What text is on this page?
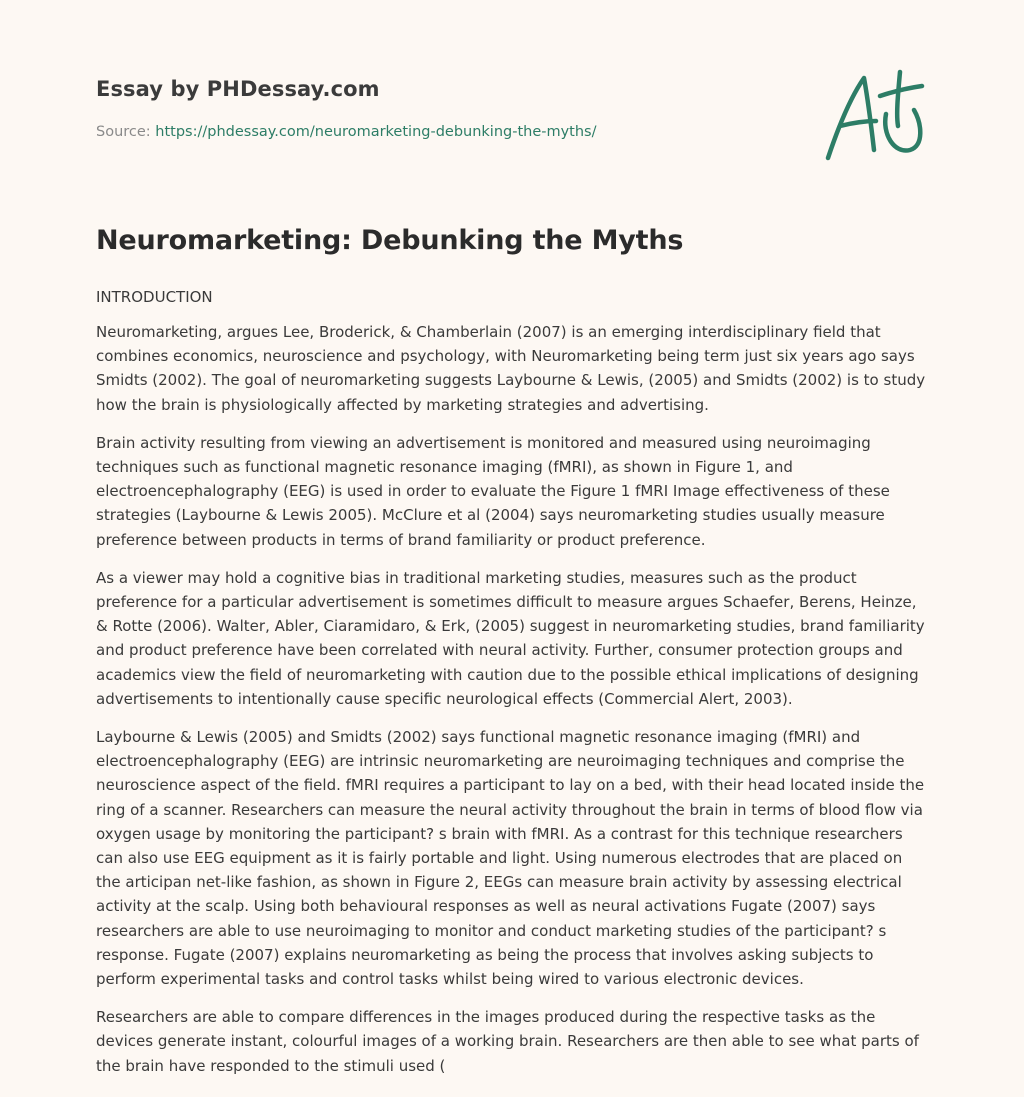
Essay by PHDessay.com
Source: https://phdessay.com/neuromarketing-debunking-the-myths/
Neuromarketing: Debunking the Myths
INTRODUCTION

Neuromarketing, argues Lee, Broderick, & Chamberlain (2007) is an emerging interdisciplinary field that combines economics, neuroscience and psychology, with Neuromarketing being term just six years ago says Smidts (2002). The goal of neuromarketing suggests Laybourne & Lewis, (2005) and Smidts (2002) is to study how the brain is physiologically affected by marketing strategies and advertising.

Brain activity resulting from viewing an advertisement is monitored and measured using neuroimaging techniques such as functional magnetic resonance imaging (fMRI), as shown in Figure 1, and electroencephalography (EEG) is used in order to evaluate the Figure 1 fMRI Image effectiveness of these strategies (Laybourne & Lewis 2005). McClure et al (2004) says neuromarketing studies usually measure preference between products in terms of brand familiarity or product preference.

As a viewer may hold a cognitive bias in traditional marketing studies, measures such as the product preference for a particular advertisement is sometimes difficult to measure argues Schaefer, Berens, Heinze, & Rotte (2006). Walter, Abler, Ciaramidaro, & Erk, (2005) suggest in neuromarketing studies, brand familiarity and product preference have been correlated with neural activity. Further, consumer protection groups and academics view the field of neuromarketing with caution due to the possible ethical implications of designing advertisements to intentionally cause specific neurological effects (Commercial Alert, 2003).

Laybourne & Lewis (2005) and Smidts (2002) says functional magnetic resonance imaging (fMRI) and electroencephalography (EEG) are intrinsic neuromarketing are neuroimaging techniques and comprise the neuroscience aspect of the field. fMRI requires a participant to lay on a bed, with their head located inside the ring of a scanner. Researchers can measure the neural activity throughout the brain in terms of blood flow via oxygen usage by monitoring the participant? s brain with fMRI. As a contrast for this technique researchers can also use EEG equipment as it is fairly portable and light. Using numerous electrodes that are placed on the articipan net-like fashion, as shown in Figure 2, EEGs can measure brain activity by assessing electrical activity at the scalp. Using both behavioural responses as well as neural activations Fugate (2007) says researchers are able to use neuroimaging to monitor and conduct marketing studies of the participant? s response. Fugate (2007) explains neuromarketing as being the process that involves asking subjects to perform experimental tasks and control tasks whilst being wired to various electronic devices.

Researchers are able to compare differences in the images produced during the respective tasks as the devices generate instant, colourful images of a working brain. Researchers are then able to see what parts of the brain have responded to the stimuli used (
